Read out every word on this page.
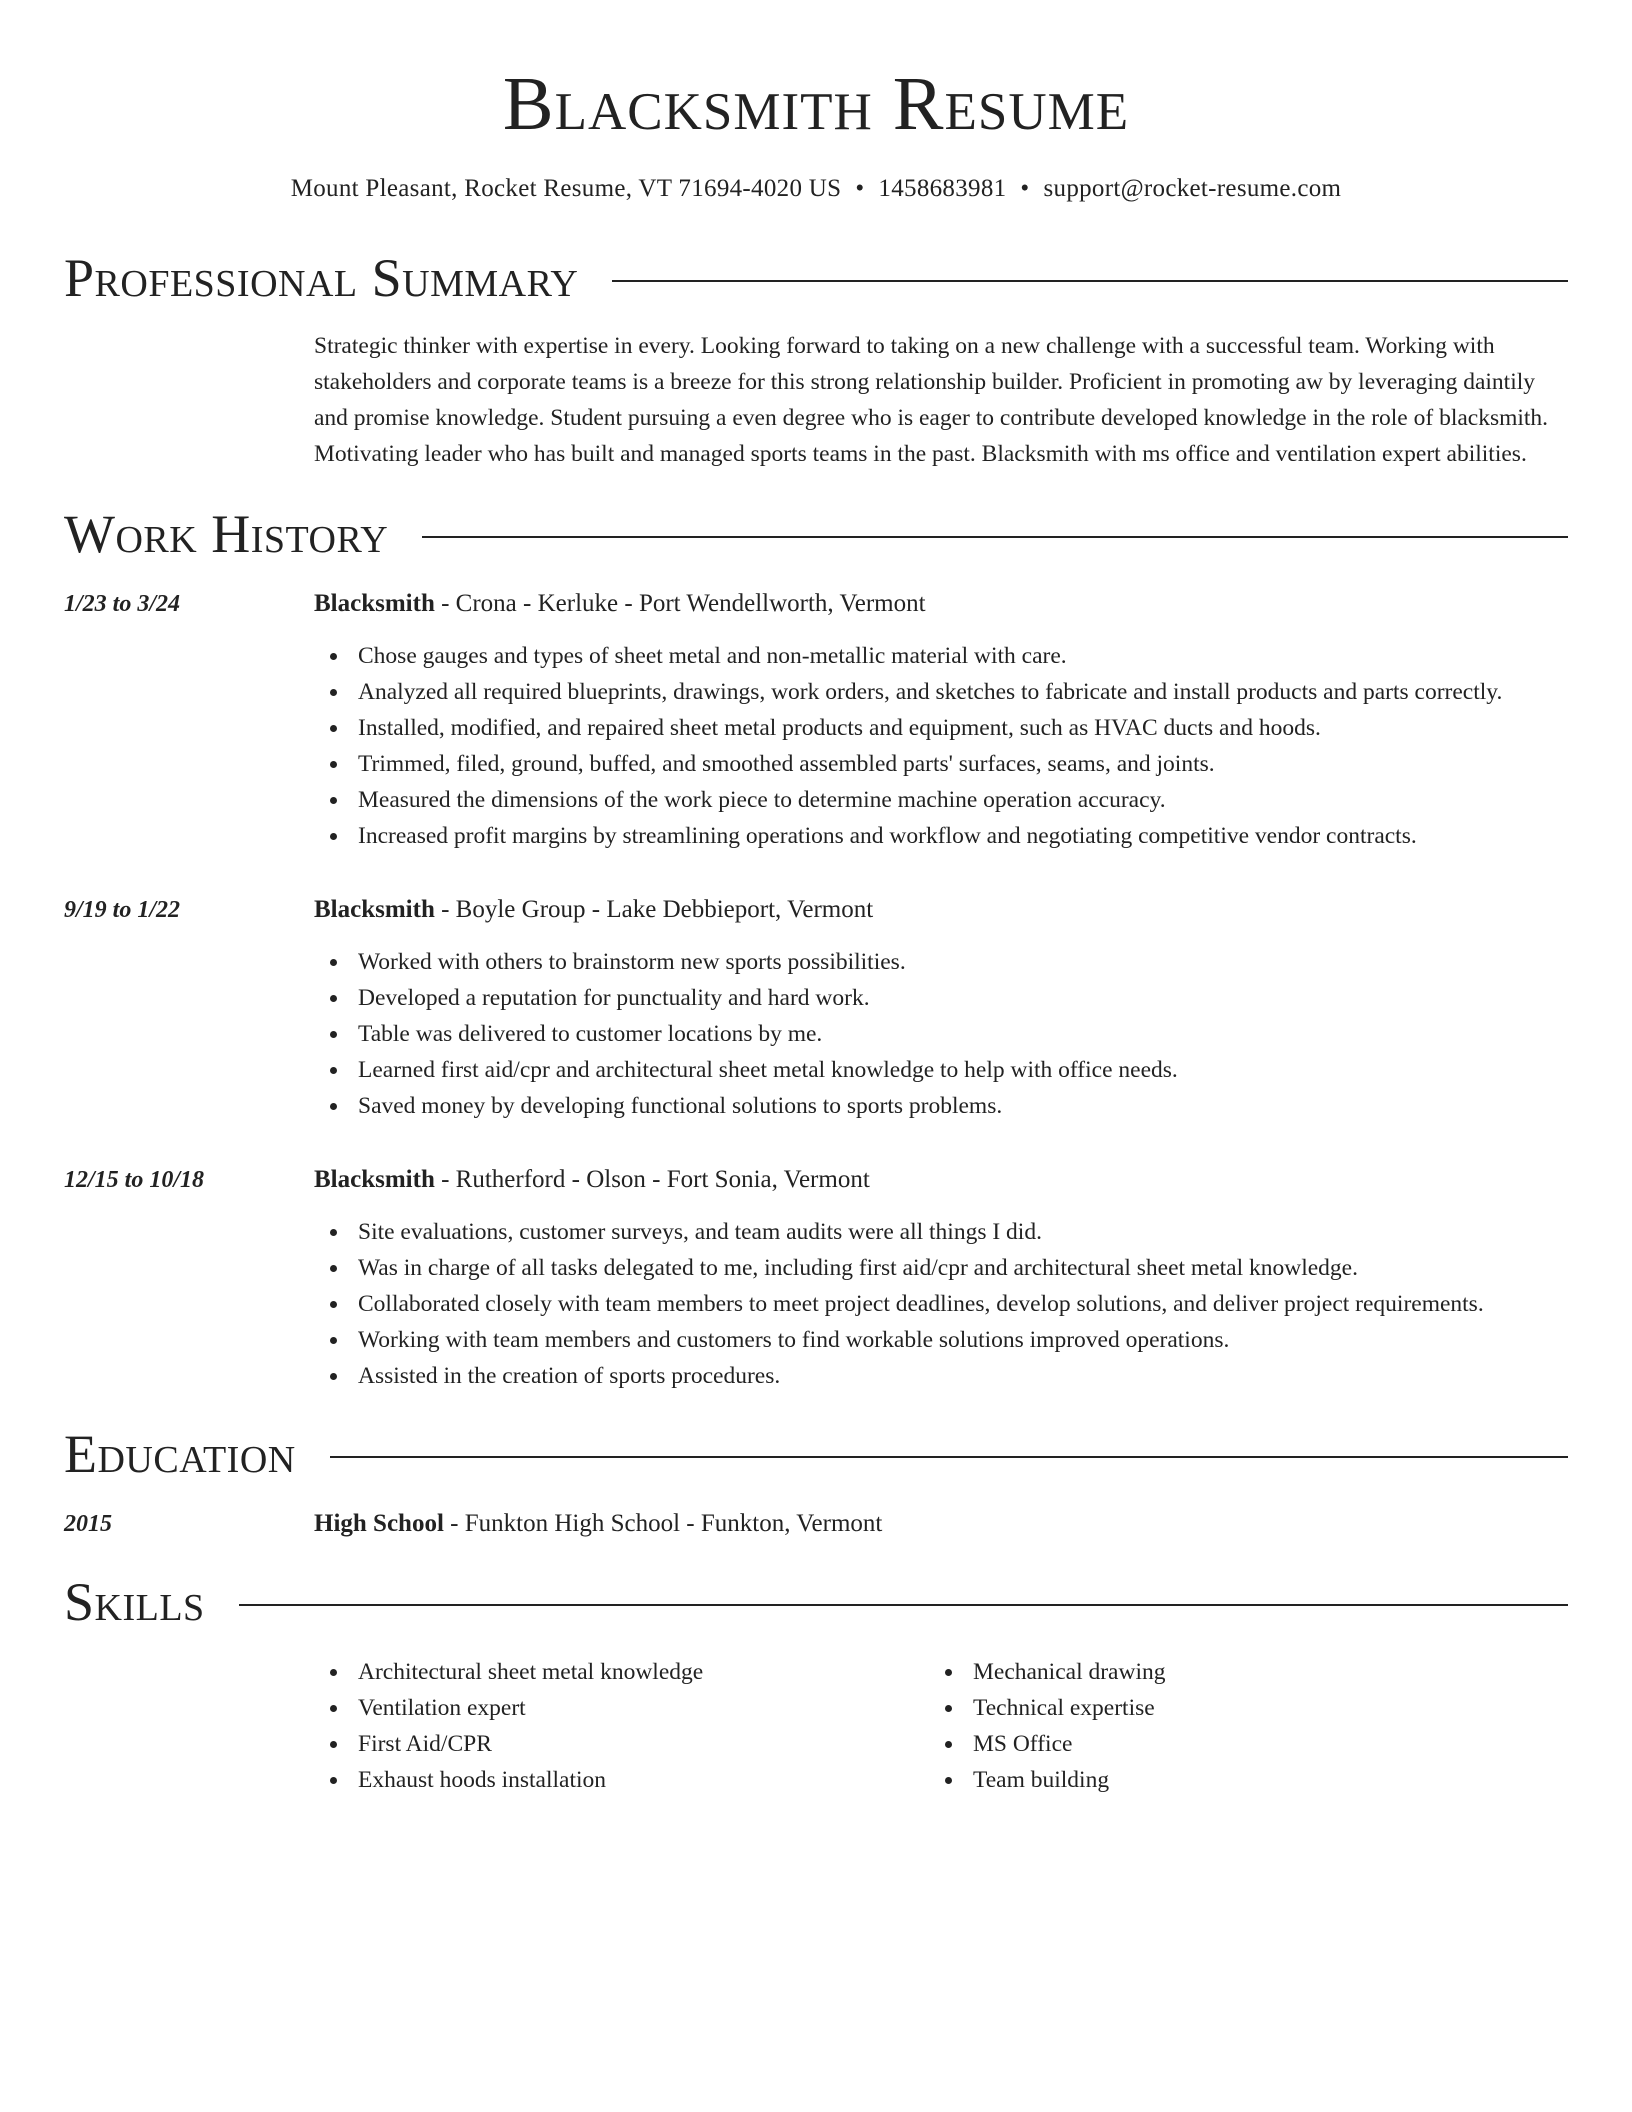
Blacksmith Resume
Mount Pleasant, Rocket Resume, VT 71694-4020 US • 1458683981 • support@rocket-resume.com
Professional Summary
Strategic thinker with expertise in every. Looking forward to taking on a new challenge with a successful team. Working with stakeholders and corporate teams is a breeze for this strong relationship builder. Proficient in promoting aw by leveraging daintily and promise knowledge. Student pursuing a even degree who is eager to contribute developed knowledge in the role of blacksmith. Motivating leader who has built and managed sports teams in the past. Blacksmith with ms office and ventilation expert abilities.
Work History
1/23 to 3/24	Blacksmith - Crona - Kerluke - Port Wendellworth, Vermont
Chose gauges and types of sheet metal and non-metallic material with care.
Analyzed all required blueprints, drawings, work orders, and sketches to fabricate and install products and parts correctly.
Installed, modified, and repaired sheet metal products and equipment, such as HVAC ducts and hoods.
Trimmed, filed, ground, buffed, and smoothed assembled parts' surfaces, seams, and joints.
Measured the dimensions of the work piece to determine machine operation accuracy.
Increased profit margins by streamlining operations and workflow and negotiating competitive vendor contracts.
9/19 to 1/22	Blacksmith - Boyle Group - Lake Debbieport, Vermont
Worked with others to brainstorm new sports possibilities.
Developed a reputation for punctuality and hard work.
Table was delivered to customer locations by me.
Learned first aid/cpr and architectural sheet metal knowledge to help with office needs.
Saved money by developing functional solutions to sports problems.
12/15 to 10/18	Blacksmith - Rutherford - Olson - Fort Sonia, Vermont
Site evaluations, customer surveys, and team audits were all things I did.
Was in charge of all tasks delegated to me, including first aid/cpr and architectural sheet metal knowledge.
Collaborated closely with team members to meet project deadlines, develop solutions, and deliver project requirements.
Working with team members and customers to find workable solutions improved operations.
Assisted in the creation of sports procedures.
Education
2015	High School - Funkton High School - Funkton, Vermont
Skills
Architectural sheet metal knowledge
Ventilation expert
First Aid/CPR
Exhaust hoods installation
Mechanical drawing
Technical expertise
MS Office
Team building
